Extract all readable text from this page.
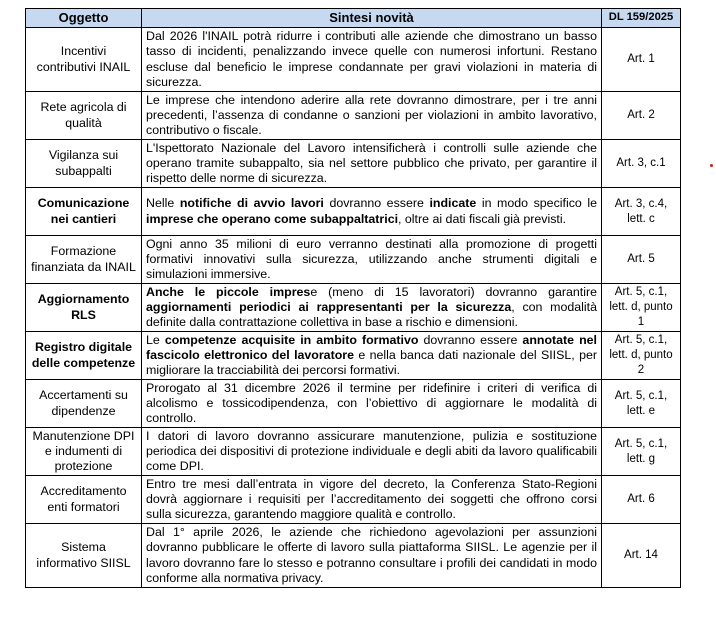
Oggetto	Sintesi novità	DL 159/2025
Incentivi contributivi INAIL	Dal 2026 l'INAIL potrà ridurre i contributi alle aziende che dimostrano un basso tasso di incidenti, penalizzando invece quelle con numerosi infortuni. Restano escluse dal beneficio le imprese condannate per gravi violazioni in materia di sicurezza.	Art. 1
Rete agricola di qualità	Le imprese che intendono aderire alla rete dovranno dimostrare, per i tre anni precedenti, l’assenza di condanne o sanzioni per violazioni in ambito lavorativo, contributivo o fiscale.	Art. 2
Vigilanza sui subappalti	L'Ispettorato Nazionale del Lavoro intensificherà i controlli sulle aziende che operano tramite subappalto, sia nel settore pubblico che privato, per garantire il rispetto delle norme di sicurezza.	Art. 3, c.1
Comunicazione nei cantieri	Nelle notifiche di avvio lavori dovranno essere indicate in modo specifico le imprese che operano come subappaltatrici, oltre ai dati fiscali già previsti.	Art. 3, c.4, lett. c
Formazione finanziata da INAIL	Ogni anno 35 milioni di euro verranno destinati alla promozione di progetti formativi innovativi sulla sicurezza, utilizzando anche strumenti digitali e simulazioni immersive.	Art. 5
Aggiornamento RLS	Anche le piccole imprese (meno di 15 lavoratori) dovranno garantire aggiornamenti periodici ai rappresentanti per la sicurezza, con modalità definite dalla contrattazione collettiva in base a rischio e dimensioni.	Art. 5, c.1, lett. d, punto 1
Registro digitale delle competenze	Le competenze acquisite in ambito formativo dovranno essere annotate nel fascicolo elettronico del lavoratore e nella banca dati nazionale del SIISL, per migliorare la tracciabilità dei percorsi formativi.	Art. 5, c.1, lett. d, punto 2
Accertamenti su dipendenze	Prorogato al 31 dicembre 2026 il termine per ridefinire i criteri di verifica di alcolismo e tossicodipendenza, con l’obiettivo di aggiornare le modalità di controllo.	Art. 5, c.1, lett. e
Manutenzione DPI e indumenti di protezione	I datori di lavoro dovranno assicurare manutenzione, pulizia e sostituzione periodica dei dispositivi di protezione individuale e degli abiti da lavoro qualificabili come DPI.	Art. 5, c.1, lett. g
Accreditamento enti formatori	Entro tre mesi dall’entrata in vigore del decreto, la Conferenza Stato-Regioni dovrà aggiornare i requisiti per l’accreditamento dei soggetti che offrono corsi sulla sicurezza, garantendo maggiore qualità e controllo.	Art. 6
Sistema informativo SIISL	Dal 1° aprile 2026, le aziende che richiedono agevolazioni per assunzioni dovranno pubblicare le offerte di lavoro sulla piattaforma SIISL. Le agenzie per il lavoro dovranno fare lo stesso e potranno consultare i profili dei candidati in modo conforme alla normativa privacy.	Art. 14
